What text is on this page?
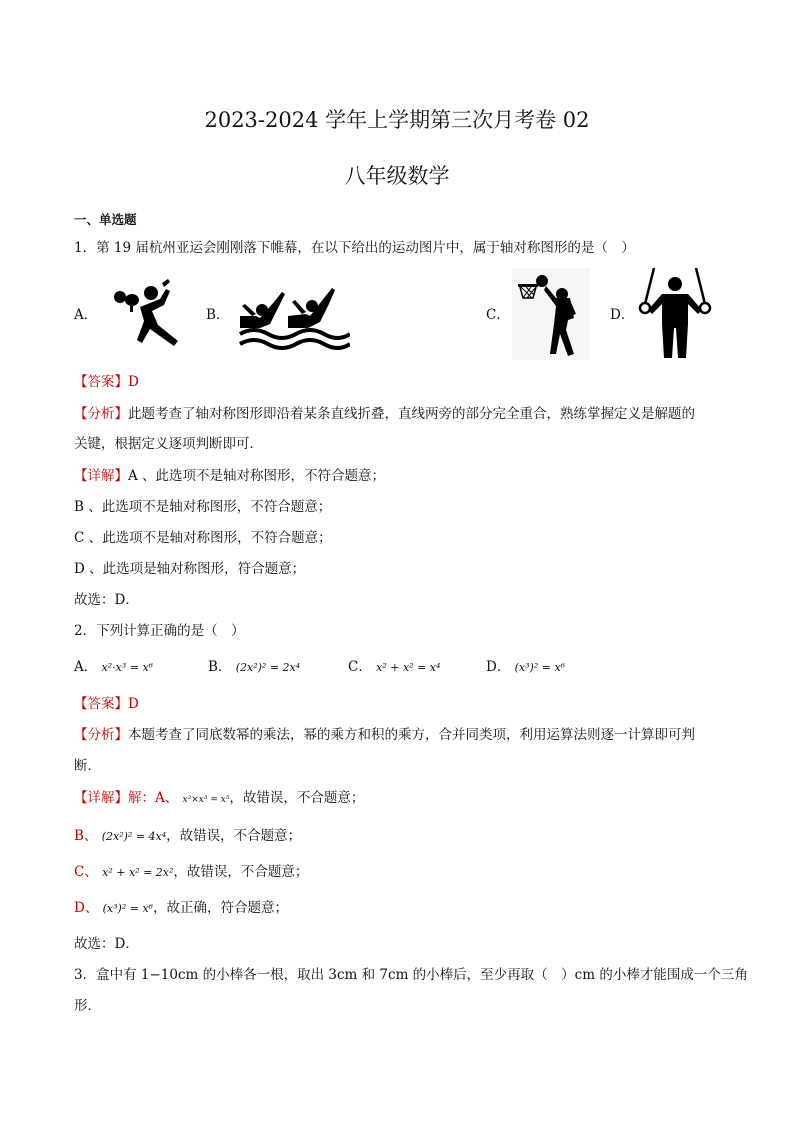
2023-2024 学年上学期第三次月考卷 02
八年级数学
一、单选题
1．第 19 届杭州亚运会刚刚落下帷幕，在以下给出的运动图片中，属于轴对称图形的是（　）
A．	B．	C．	D．
【答案】D
【分析】此题考查了轴对称图形即沿着某条直线折叠，直线两旁的部分完全重合，熟练掌握定义是解题的
关键，根据定义逐项判断即可．
【详解】A 、此选项不是轴对称图形，不符合题意；
B 、此选项不是轴对称图形，不符合题意；
C 、此选项不是轴对称图形，不符合题意；
D 、此选项是轴对称图形，符合题意；
故选：D．
2．下列计算正确的是（　）
A． x²·x³ = x⁶	B． (2x²)² = 2x⁴	C． x² + x² = x⁴	D． (x³)² = x⁶
【答案】D
【分析】本题考查了同底数幂的乘法，幂的乘方和积的乘方，合并同类项，利用运算法则逐一计算即可判
断．
【详解】解：A、 x²×x³ = x⁵，故错误，不合题意；
B、 (2x²)² = 4x⁴，故错误，不合题意；
C、 x² + x² = 2x²，故错误，不合题意；
D、 (x³)² = x⁶，故正确，符合题意；
故选：D．
3．盒中有 1−10cm 的小棒各一根，取出 3cm 和 7cm 的小棒后，至少再取（　）cm 的小棒才能围成一个三角
形．
